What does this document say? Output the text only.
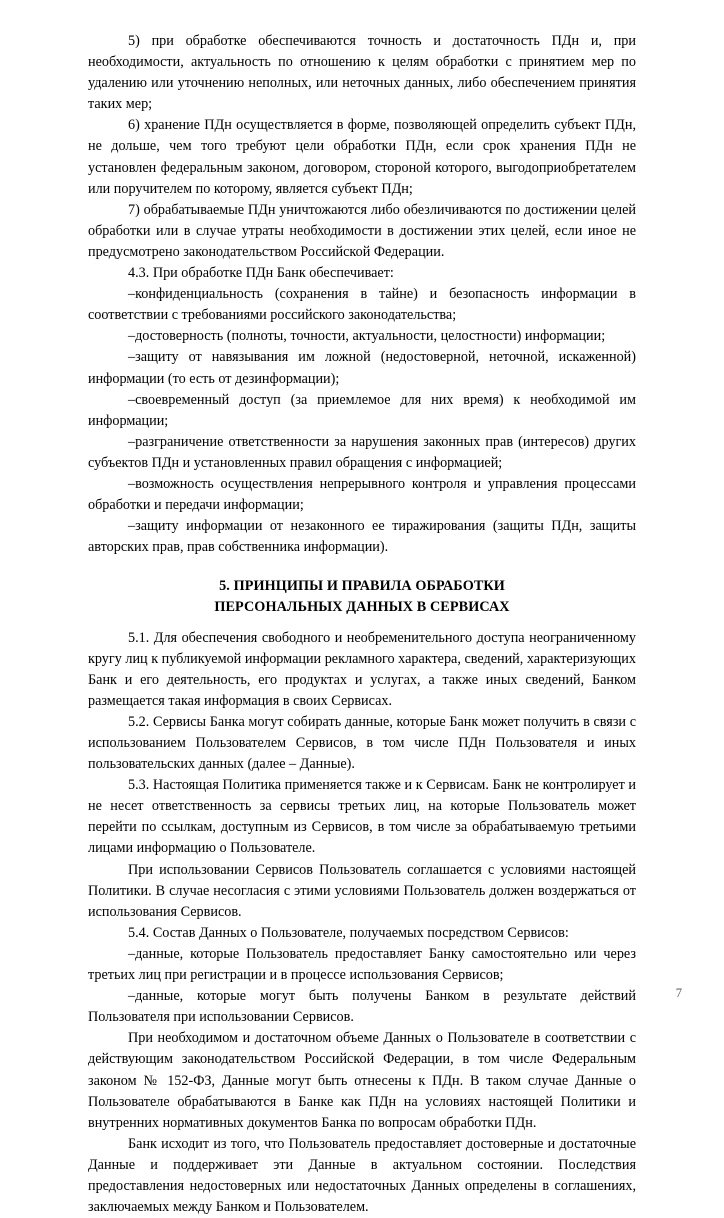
5) при обработке обеспечиваются точность и достаточность ПДн и, при необходимости, актуальность по отношению к целям обработки с принятием мер по удалению или уточнению неполных, или неточных данных, либо обеспечением принятия таких мер;

6) хранение ПДн осуществляется в форме, позволяющей определить субъект ПДн, не дольше, чем того требуют цели обработки ПДн, если срок хранения ПДн не установлен федеральным законом, договором, стороной которого, выгодоприобретателем или поручителем по которому, является субъект ПДн;

7) обрабатываемые ПДн уничтожаются либо обезличиваются по достижении целей обработки или в случае утраты необходимости в достижении этих целей, если иное не предусмотрено законодательством Российской Федерации.

4.3. При обработке ПДн Банк обеспечивает:

–конфиденциальность (сохранения в тайне) и безопасность информации в соответствии с требованиями российского законодательства;

–достоверность (полноты, точности, актуальности, целостности) информации;

–защиту от навязывания им ложной (недостоверной, неточной, искаженной) информации (то есть от дезинформации);

–своевременный доступ (за приемлемое для них время) к необходимой им информации;

–разграничение ответственности за нарушения законных прав (интересов) других субъектов ПДн и установленных правил обращения с информацией;

–возможность осуществления непрерывного контроля и управления процессами обработки и передачи информации;

–защиту информации от незаконного ее тиражирования (защиты ПДн, защиты авторских прав, прав собственника информации).

5. ПРИНЦИПЫ И ПРАВИЛА ОБРАБОТКИ
ПЕРСОНАЛЬНЫХ ДАННЫХ В СЕРВИСАХ

5.1. Для обеспечения свободного и необременительного доступа неограниченному кругу лиц к публикуемой информации рекламного характера, сведений, характеризующих Банк и его деятельность, его продуктах и услугах, а также иных сведений, Банком размещается такая информация в своих Сервисах.

5.2. Сервисы Банка могут собирать данные, которые Банк может получить в связи с использованием Пользователем Сервисов, в том числе ПДн Пользователя и иных пользовательских данных (далее – Данные).

5.3. Настоящая Политика применяется также и к Сервисам. Банк не контролирует и не несет ответственность за сервисы третьих лиц, на которые Пользователь может перейти по ссылкам, доступным из Сервисов, в том числе за обрабатываемую третьими лицами информацию о Пользователе.

При использовании Сервисов Пользователь соглашается с условиями настоящей Политики. В случае несогласия с этими условиями Пользователь должен воздержаться от использования Сервисов.

5.4. Состав Данных о Пользователе, получаемых посредством Сервисов:

–данные, которые Пользователь предоставляет Банку самостоятельно или через третьих лиц при регистрации и в процессе использования Сервисов;

–данные, которые могут быть получены Банком в результате действий Пользователя при использовании Сервисов.

При необходимом и достаточном объеме Данных о Пользователе в соответствии с действующим законодательством Российской Федерации, в том числе Федеральным законом № 152-ФЗ, Данные могут быть отнесены к ПДн. В таком случае Данные о Пользователе обрабатываются в Банке как ПДн на условиях настоящей Политики и внутренних нормативных документов Банка по вопросам обработки ПДн.

Банк исходит из того, что Пользователь предоставляет достоверные и достаточные Данные и поддерживает эти Данные в актуальном состоянии. Последствия предоставления недостоверных или недостаточных Данных определены в соглашениях, заключаемых между Банком и Пользователем.

7
